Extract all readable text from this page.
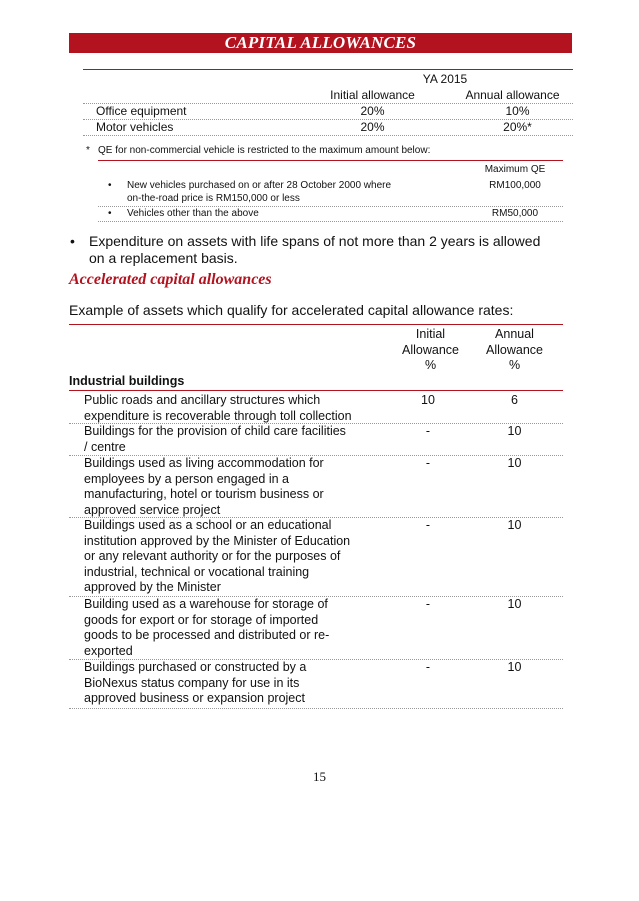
CAPITAL ALLOWANCES
YA 2015
Initial allowance	Annual allowance
Office equipment	20%	10%
Motor vehicles	20%	20%*
* QE for non-commercial vehicle is restricted to the maximum amount below:
Maximum QE
• New vehicles purchased on or after 28 October 2000 where
on-the-road price is RM150,000 or less
RM100,000
• Vehicles other than the above	RM50,000
• Expenditure on assets with life spans of not more than 2 years is allowed
on a replacement basis.
Accelerated capital allowances
Example of assets which qualify for accelerated capital allowance rates:
Initial
Allowance
%
Annual
Allowance
%
Industrial buildings
Public roads and ancillary structures which
expenditure is recoverable through toll collection
10	6
Buildings for the provision of child care facilities
/ centre
-	10
Buildings used as living accommodation for
employees by a person engaged in a
manufacturing, hotel or tourism business or
approved service project
-	10
Buildings used as a school or an educational
institution approved by the Minister of Education
or any relevant authority or for the purposes of
industrial, technical or vocational training
approved by the Minister
-	10
Building used as a warehouse for storage of
goods for export or for storage of imported
goods to be processed and distributed or re-
exported
-	10
Buildings purchased or constructed by a
BioNexus status company for use in its
approved business or expansion project
-	10
15
